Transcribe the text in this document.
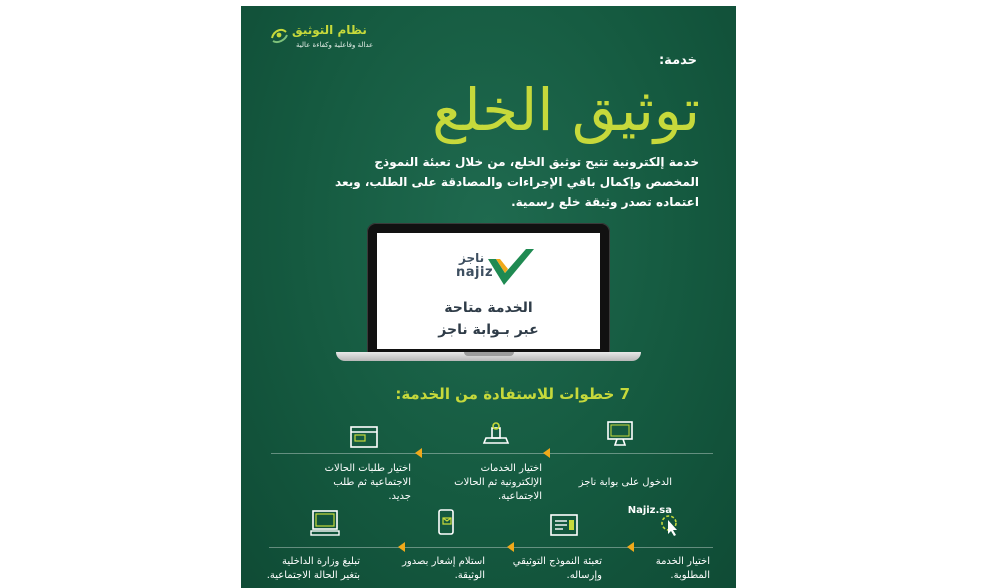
نظام التوثيق
عدالة وفاعلية وكفاءة عالية
خدمة:
توثيق الخلع
خدمة إلكترونية تتيح توثيق الخلع، من خلال تعبئة النموذج المخصص وإكمال باقي الإجراءات والمصادقة على الطلب، وبعد اعتماده تصدر وثيقة خلع رسمية.
ناجز
najiz
الخدمة متاحة
عبر بـوابة ناجز
7 خطوات للاستفادة من الخدمة:

الدخول على بوابة ناجز

Najiz.sa

اختيار الخدمات الإلكترونية ثم الحالات الاجتماعية.
اختيار طلبات الحالات الاجتماعية ثم طلب جديد.
اختيار الخدمة المطلوبة.
تعبئة النموذج التوثيقي وإرساله.
استلام إشعار بصدور الوثيقة.
تبليغ وزارة الداخلية بتغير الحالة الاجتماعية.
